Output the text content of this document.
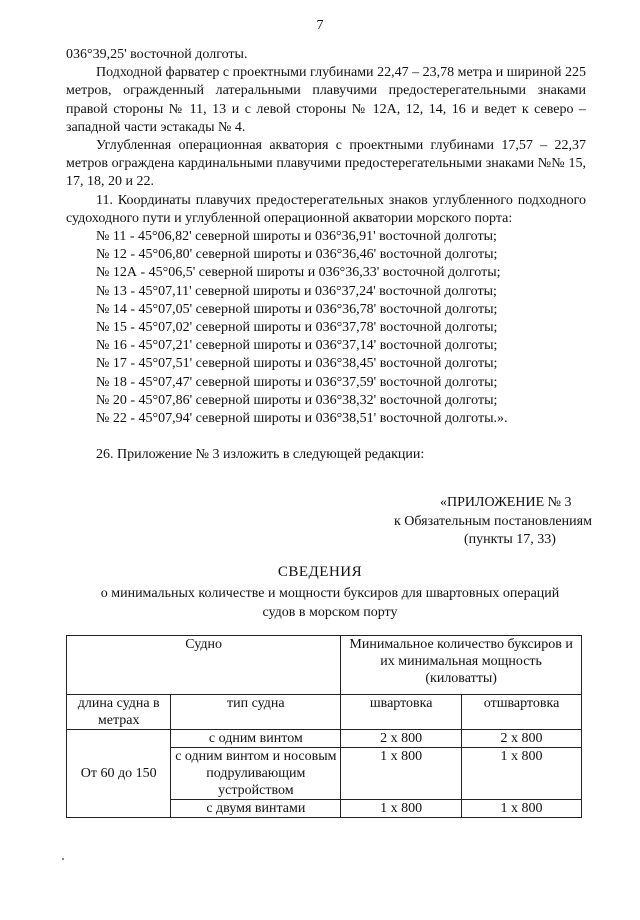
7

036°39,25' восточной долготы.

Подходной фарватер с проектными глубинами 22,47 – 23,78 метра и шириной 225 метров, огражденный латеральными плавучими предостерегательными знаками правой стороны № 11, 13 и с левой стороны № 12А, 12, 14, 16 и ведет к северо – западной части эстакады № 4.

Углубленная операционная акватория с проектными глубинами 17,57 – 22,37 метров ограждена кардинальными плавучими предостерегательными знаками №№ 15, 17, 18, 20 и 22.

11. Координаты плавучих предостерегательных знаков углубленного подходного судоходного пути и углубленной операционной акватории морского порта:

№ 11 - 45°06,82' северной широты и 036°36,91' восточной долготы;
№ 12 - 45°06,80' северной широты и 036°36,46' восточной долготы;
№ 12А - 45°06,5' северной широты и 036°36,33' восточной долготы;
№ 13 - 45°07,11' северной широты и 036°37,24' восточной долготы;
№ 14 - 45°07,05' северной широты и 036°36,78' восточной долготы;
№ 15 - 45°07,02' северной широты и 036°37,78' восточной долготы;
№ 16 - 45°07,21' северной широты и 036°37,14' восточной долготы;
№ 17 - 45°07,51' северной широты и 036°38,45' восточной долготы;
№ 18 - 45°07,47' северной широты и 036°37,59' восточной долготы;
№ 20 - 45°07,86' северной широты и 036°38,32' восточной долготы;
№ 22 - 45°07,94' северной широты и 036°38,51' восточной долготы.».

26. Приложение № 3 изложить в следующей редакции:

«ПРИЛОЖЕНИЕ № 3
к Обязательным постановлениям
(пункты 17, 33)
СВЕДЕНИЯ
о минимальных количестве и мощности буксиров для швартовных операций судов в морском порту
Судно		Минимальное количество буксиров и их минимальная мощность (киловатты)	
длина судна в метрах	тип судна	швартовка	отшвартовка
От 60 до 150	с одним винтом	2 х 800	2 х 800
	с одним винтом и носовым подруливающим устройством	1 х 800	1 х 800
	с двумя винтами	1 х 800	1 х 800
